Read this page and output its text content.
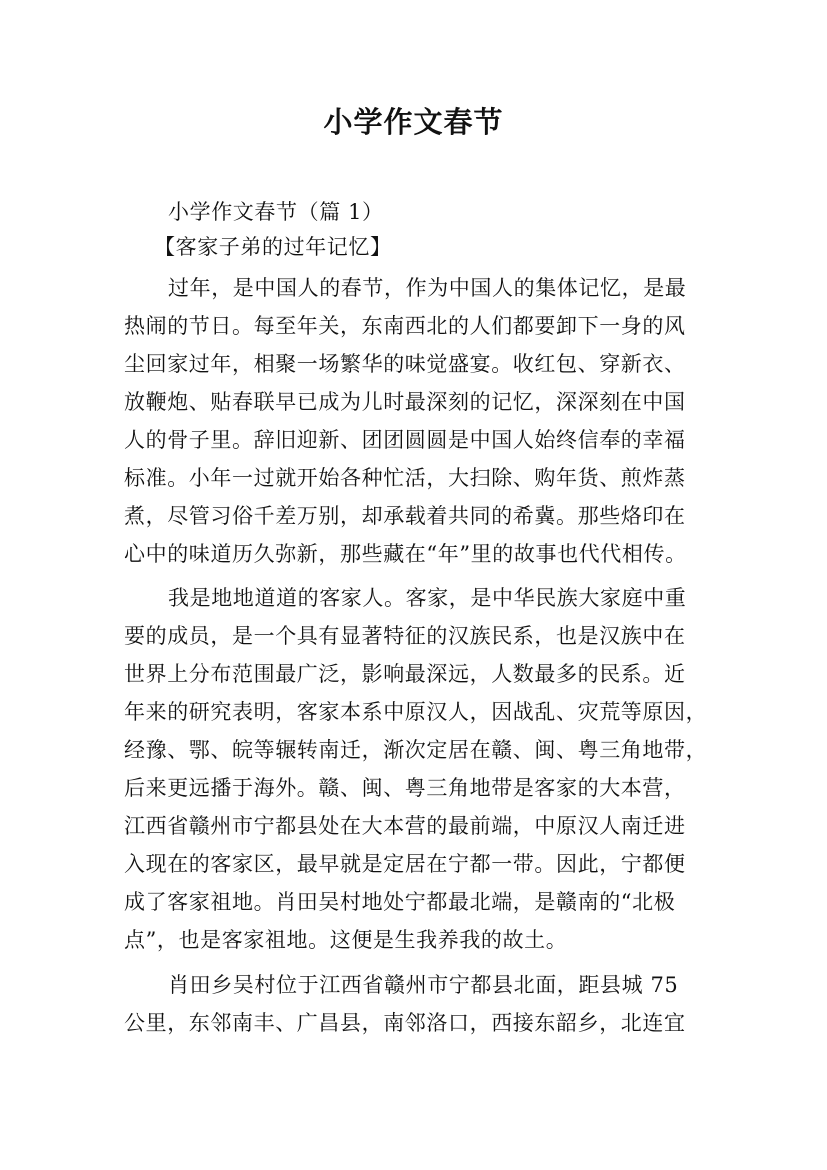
小学作文春节

小学作文春节（篇 1）

【客家子弟的过年记忆】

过年，是中国人的春节，作为中国人的集体记忆，是最

热闹的节日。每至年关，东南西北的人们都要卸下一身的风

尘回家过年，相聚一场繁华的味觉盛宴。收红包、穿新衣、

放鞭炮、贴春联早已成为儿时最深刻的记忆，深深刻在中国

人的骨子里。辞旧迎新、团团圆圆是中国人始终信奉的幸福

标准。小年一过就开始各种忙活，大扫除、购年货、煎炸蒸

煮，尽管习俗千差万别，却承载着共同的希冀。那些烙印在

心中的味道历久弥新，那些藏在“年”里的故事也代代相传。

我是地地道道的客家人。客家，是中华民族大家庭中重

要的成员，是一个具有显著特征的汉族民系，也是汉族中在

世界上分布范围最广泛，影响最深远，人数最多的民系。近

年来的研究表明，客家本系中原汉人，因战乱、灾荒等原因，

经豫、鄂、皖等辗转南迁，渐次定居在赣、闽、粤三角地带，

后来更远播于海外。赣、闽、粤三角地带是客家的大本营，

江西省赣州市宁都县处在大本营的最前端，中原汉人南迁进

入现在的客家区，最早就是定居在宁都一带。因此，宁都便

成了客家祖地。肖田吴村地处宁都最北端，是赣南的“北极

点”，也是客家祖地。这便是生我养我的故土。

肖田乡吴村位于江西省赣州市宁都县北面，距县城 75

公里，东邻南丰、广昌县，南邻洛口，西接东韶乡，北连宜
